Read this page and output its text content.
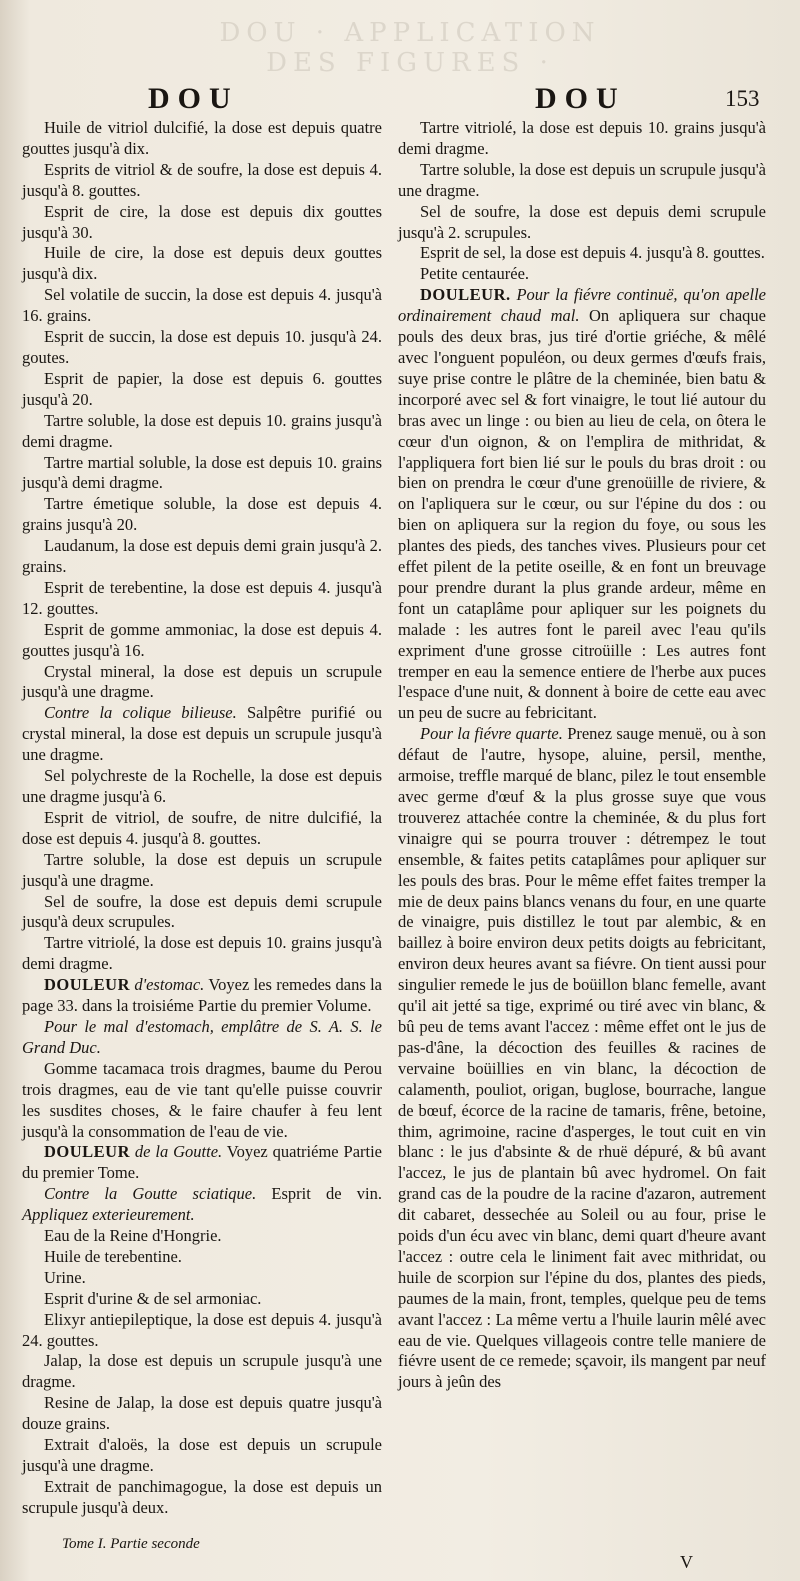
DOU · APPLICATION DES FIGURES ·
DOU	DOU	153

Huile de vitriol dulcifié, la dose est depuis quatre gouttes jusqu'à dix.

Esprits de vitriol & de soufre, la dose est depuis 4. jusqu'à 8. gouttes.

Esprit de cire, la dose est depuis dix gouttes jusqu'à 30.

Huile de cire, la dose est depuis deux gouttes jusqu'à dix.

Sel volatile de succin, la dose est depuis 4. jusqu'à 16. grains.

Esprit de succin, la dose est depuis 10. jusqu'à 24. goutes.

Esprit de papier, la dose est depuis 6. gouttes jusqu'à 20.

Tartre soluble, la dose est depuis 10. grains jusqu'à demi dragme.

Tartre martial soluble, la dose est depuis 10. grains jusqu'à demi dragme.

Tartre émetique soluble, la dose est depuis 4. grains jusqu'à 20.

Laudanum, la dose est depuis demi grain jusqu'à 2. grains.

Esprit de terebentine, la dose est depuis 4. jusqu'à 12. gouttes.

Esprit de gomme ammoniac, la dose est depuis 4. gouttes jusqu'à 16.

Crystal mineral, la dose est depuis un scrupule jusqu'à une dragme.

Contre la colique bilieuse. Salpêtre purifié ou crystal mineral, la dose est depuis un scrupule jusqu'à une dragme.

Sel polychreste de la Rochelle, la dose est depuis une dragme jusqu'à 6.

Esprit de vitriol, de soufre, de nitre dulcifié, la dose est depuis 4. jusqu'à 8. gouttes.

Tartre soluble, la dose est depuis un scrupule jusqu'à une dragme.

Sel de soufre, la dose est depuis demi scrupule jusqu'à deux scrupules.

Tartre vitriolé, la dose est depuis 10. grains jusqu'à demi dragme.

DOULEUR d'estomac. Voyez les remedes dans la page 33. dans la troisiéme Partie du premier Volume.

Pour le mal d'estomach, emplâtre de S. A. S. le Grand Duc.

Gomme tacamaca trois dragmes, baume du Perou trois dragmes, eau de vie tant qu'elle puisse couvrir les susdites choses, & le faire chaufer à feu lent jusqu'à la consommation de l'eau de vie.

DOULEUR de la Goutte. Voyez quatriéme Partie du premier Tome.

Contre la Goutte sciatique. Esprit de vin. Appliquez exterieurement.

Eau de la Reine d'Hongrie.

Huile de terebentine.

Urine.

Esprit d'urine & de sel armoniac.

Elixyr antiepileptique, la dose est depuis 4. jusqu'à 24. gouttes.

Jalap, la dose est depuis un scrupule jusqu'à une dragme.

Resine de Jalap, la dose est depuis quatre jusqu'à douze grains.

Extrait d'aloës, la dose est depuis un scrupule jusqu'à une dragme.

Extrait de panchimagogue, la dose est depuis un scrupule jusqu'à deux.

Tartre vitriolé, la dose est depuis 10. grains jusqu'à demi dragme.

Tartre soluble, la dose est depuis un scrupule jusqu'à une dragme.

Sel de soufre, la dose est depuis demi scrupule jusqu'à 2. scrupules.

Esprit de sel, la dose est depuis 4. jusqu'à 8. gouttes.

Petite centaurée.

DOULEUR. Pour la fiévre continuë, qu'on apelle ordinairement chaud mal. On apliquera sur chaque pouls des deux bras, jus tiré d'ortie griéche, & mêlé avec l'onguent populéon, ou deux germes d'œufs frais, suye prise contre le plâtre de la cheminée, bien batu & incorporé avec sel & fort vinaigre, le tout lié autour du bras avec un linge : ou bien au lieu de cela, on ôtera le cœur d'un oignon, & on l'emplira de mithridat, & l'appliquera fort bien lié sur le pouls du bras droit : ou bien on prendra le cœur d'une grenoüille de riviere, & on l'apliquera sur le cœur, ou sur l'épine du dos : ou bien on apliquera sur la region du foye, ou sous les plantes des pieds, des tanches vives. Plusieurs pour cet effet pilent de la petite oseille, & en font un breuvage pour prendre durant la plus grande ardeur, même en font un cataplâme pour apliquer sur les poignets du malade : les autres font le pareil avec l'eau qu'ils expriment d'une grosse citroüille : Les autres font tremper en eau la semence entiere de l'herbe aux puces l'espace d'une nuit, & donnent à boire de cette eau avec un peu de sucre au febricitant.

Pour la fiévre quarte. Prenez sauge menuë, ou à son défaut de l'autre, hysope, aluine, persil, menthe, armoise, treffle marqué de blanc, pilez le tout ensemble avec germe d'œuf & la plus grosse suye que vous trouverez attachée contre la cheminée, & du plus fort vinaigre qui se pourra trouver : détrempez le tout ensemble, & faites petits cataplâmes pour apliquer sur les pouls des bras. Pour le même effet faites tremper la mie de deux pains blancs venans du four, en une quarte de vinaigre, puis distillez le tout par alembic, & en baillez à boire environ deux petits doigts au febricitant, environ deux heures avant sa fiévre. On tient aussi pour singulier remede le jus de boüillon blanc femelle, avant qu'il ait jetté sa tige, exprimé ou tiré avec vin blanc, & bû peu de tems avant l'accez : même effet ont le jus de pas-d'âne, la décoction des feuilles & racines de vervaine boüillies en vin blanc, la décoction de calamenth, pouliot, origan, buglose, bourrache, langue de bœuf, écorce de la racine de tamaris, frêne, betoine, thim, agrimoine, racine d'asperges, le tout cuit en vin blanc : le jus d'absinte & de rhuë dépuré, & bû avant l'accez, le jus de plantain bû avec hydromel. On fait grand cas de la poudre de la racine d'azaron, autrement dit cabaret, dessechée au Soleil ou au four, prise le poids d'un écu avec vin blanc, demi quart d'heure avant l'accez : outre cela le liniment fait avec mithridat, ou huile de scorpion sur l'épine du dos, plantes des pieds, paumes de la main, front, temples, quelque peu de tems avant l'accez : La même vertu a l'huile laurin mêlé avec eau de vie. Quelques villageois contre telle maniere de fiévre usent de ce remede; sçavoir, ils mangent par neuf jours à jeûn des

Tome I. Partie seconde
V
